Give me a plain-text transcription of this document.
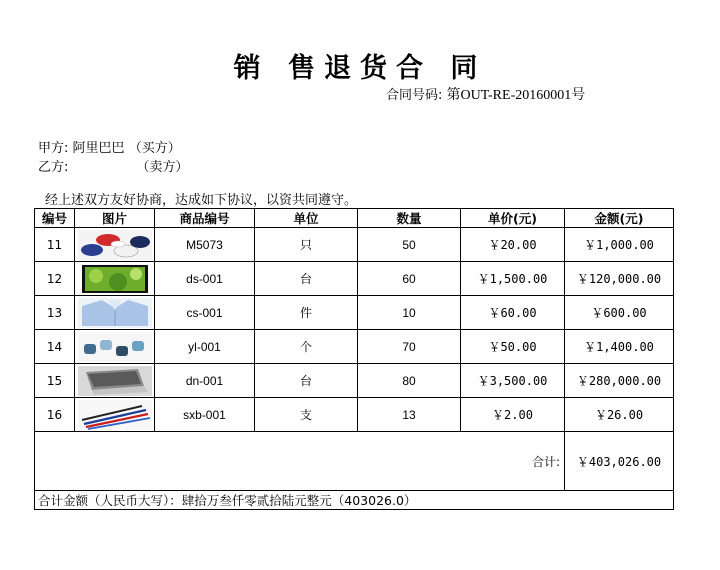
销 售退货合 同
合同号码: 第OUT-RE-20160001号
甲方: 阿里巴巴 （买方）
乙方:	（卖方）
经上述双方友好协商，达成如下协议，以资共同遵守。
编号	图片	商品编号	单位	数量	单价(元)	金额(元)
11		M5073	只	50	￥20.00	￥1,000.00
12		ds-001	台	60	￥1,500.00	￥120,000.00
13		cs-001	件	10	￥60.00	￥600.00
14		yl-001	个	70	￥50.00	￥1,400.00
15		dn-001	台	80	￥3,500.00	￥280,000.00
16		sxb-001	支	13	￥2.00	￥26.00
合计:						￥403,026.00
合计金额（人民币大写）：肆拾万叁仟零贰拾陆元整元（403026.0）						
